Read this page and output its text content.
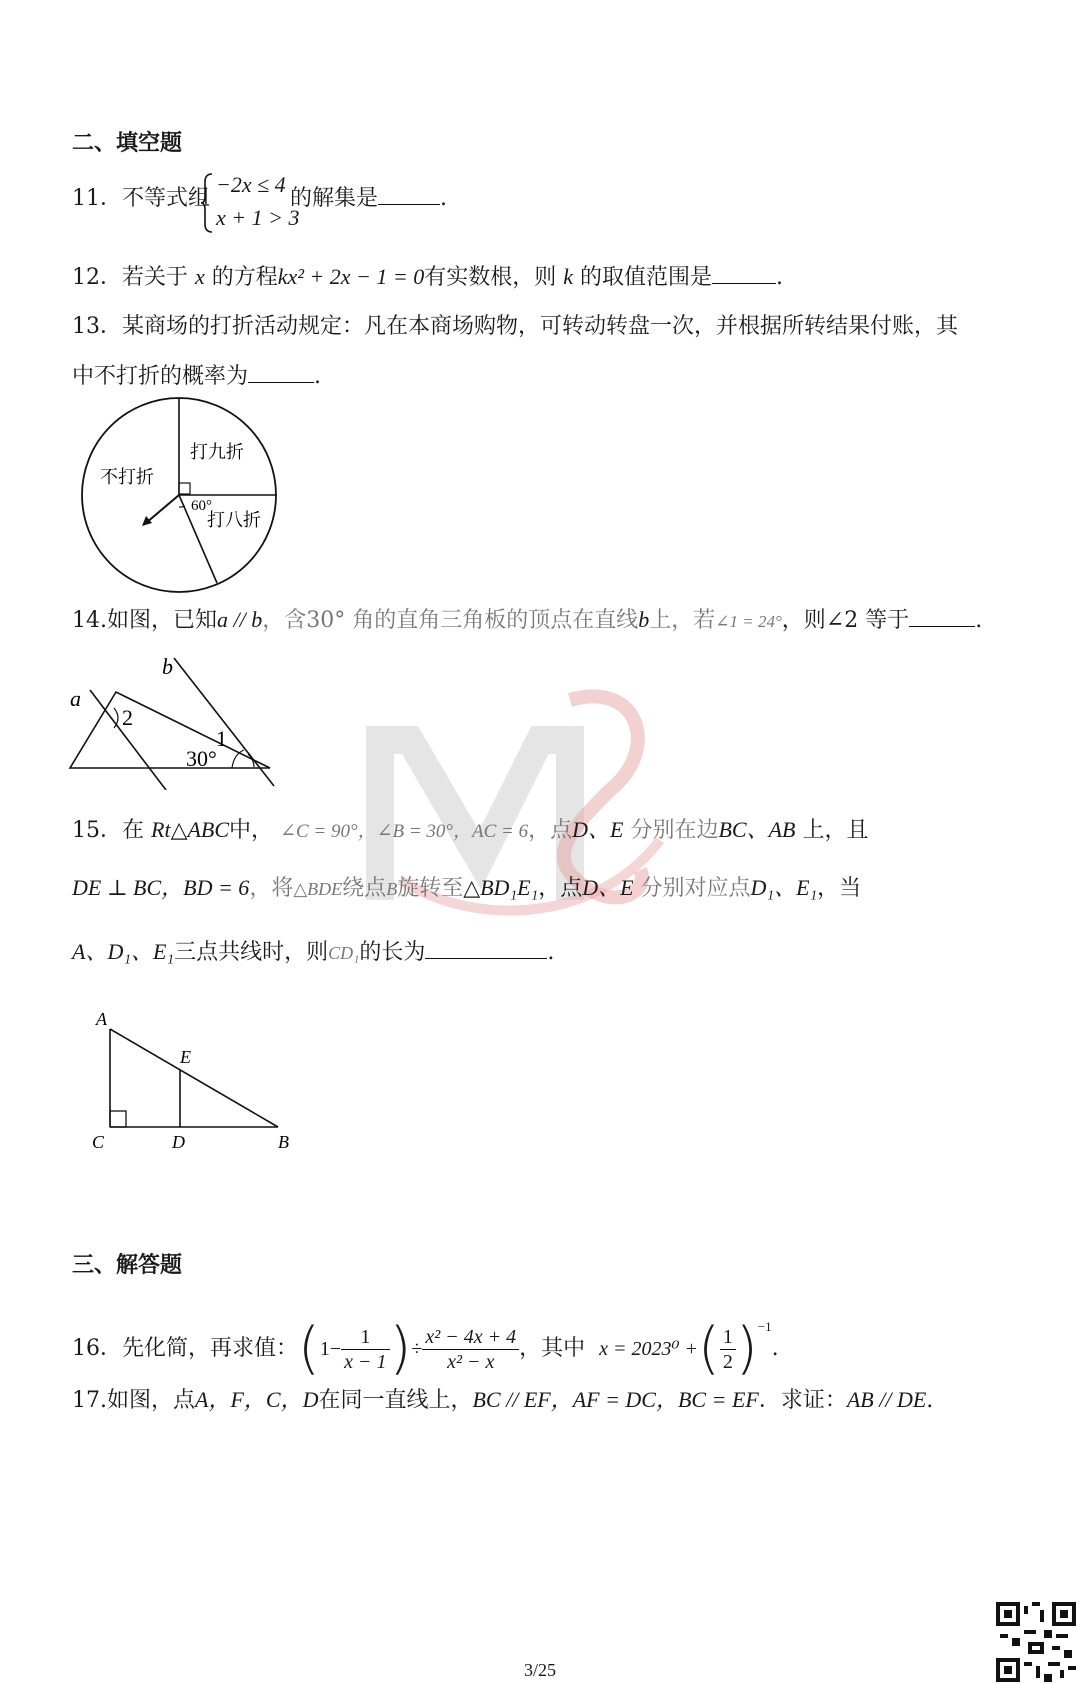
二、填空题
11．不等式组
−2x ≤ 4
x + 1 > 3
的解集是	.
12．若关于 x 的方程kx² + 2x − 1 = 0有实数根，则 k 的取值范围是	.
13．某商场的打折活动规定：凡在本商场购物，可转动转盘一次，并根据所转结果付账，其
中不打折的概率为	.
不打折
打九折
打八折
60°
14.如图，已知a // b，含30° 角的直角三角板的顶点在直线b上，若∠1 = 24°，则∠2 等于	.
a
b
2
1
30°
15．在 Rt△ABC中， ∠C = 90°，∠B = 30°，AC = 6，点D、E 分别在边BC、AB 上，且
DE ⊥ BC，BD = 6，将△BDE绕点B旋转至△BD₁E₁，点D、E 分别对应点D₁、E₁，当
A、D₁、E₁三点共线时，则CD₁的长为	.
A
E
C	D	B
三、解答题
16．先化简，再求值：($1- \frac{1}{x - 1}$ )÷ $\frac{\text{x² − 4x + 4}}{\text{x² − x}}$ ，其中 x = 2023⁰ +( $\frac{1}{2} )^{-1}$.
17.如图，点A，F，C，D在同一直线上，BC // EF，AF = DC，BC = EF．求证：AB // DE.
3/25
